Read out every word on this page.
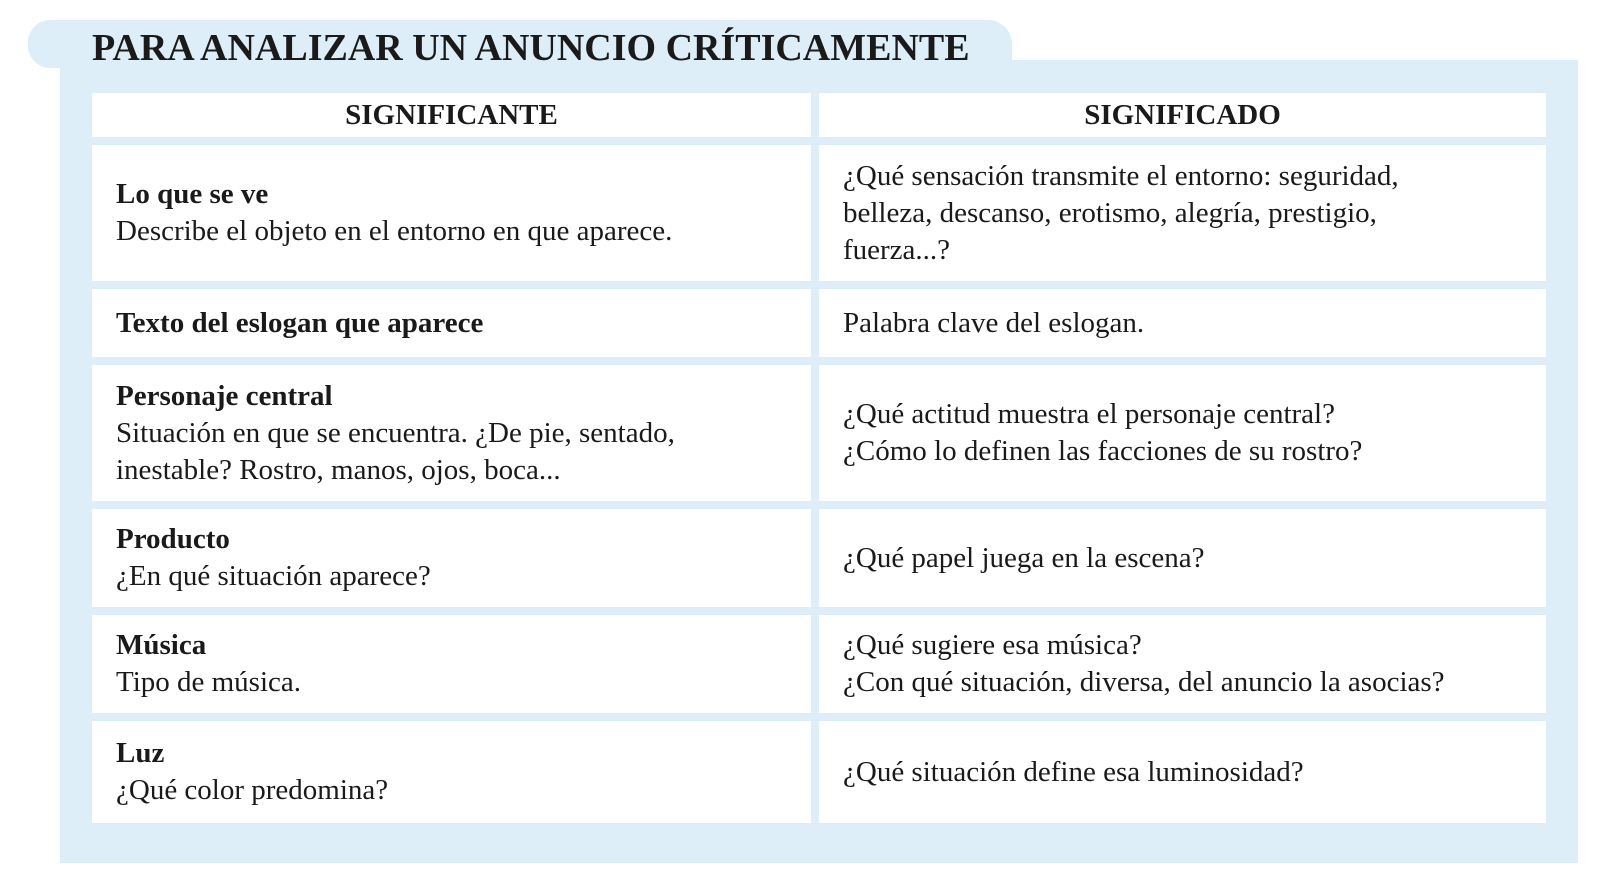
PARA ANALIZAR UN ANUNCIO CRÍTICAMENTE
SIGNIFICANTE	SIGNIFICADO
Lo que se ve
Describe el objeto en el entorno en que aparece.
¿Qué sensación transmite el entorno: seguridad,
belleza, descanso, erotismo, alegría, prestigio,
fuerza...?
Texto del eslogan que aparece	Palabra clave del eslogan.
Personaje central
Situación en que se encuentra. ¿De pie, sentado,
inestable? Rostro, manos, ojos, boca...
¿Qué actitud muestra el personaje central?
¿Cómo lo definen las facciones de su rostro?
Producto
¿En qué situación aparece?
¿Qué papel juega en la escena?
Música
Tipo de música.
¿Qué sugiere esa música?
¿Con qué situación, diversa, del anuncio la asocias?
Luz
¿Qué color predomina?
¿Qué situación define esa luminosidad?
